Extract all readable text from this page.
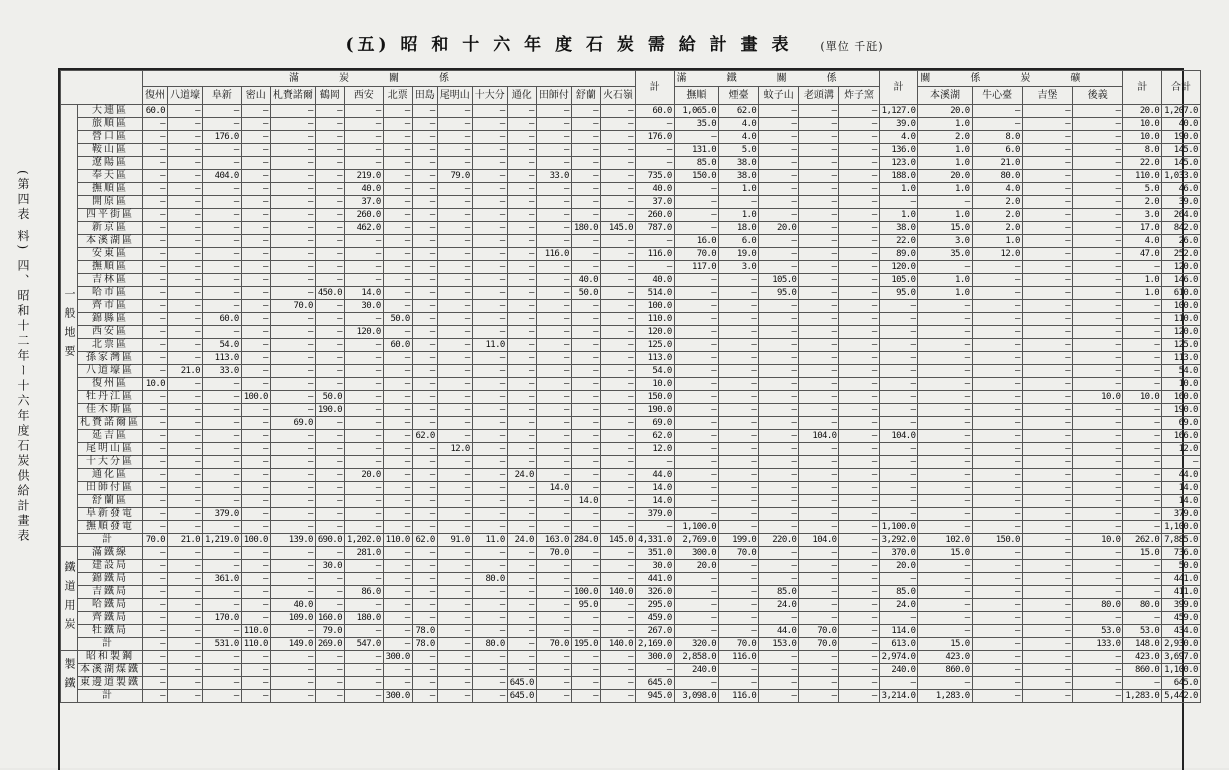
(五) 昭 和 十 六 年 度 石 炭 需 給 計 畫 表	(單位 千瓩)
(第四表 料) 四、昭和十二年ー十六年度石炭供給計畫表
		滿炭關係															計	滿鐵關係					計	關係炭礦				計	合計
		復州	八道壕	阜新	密山	札賚諾爾	鶴岡	西安	北票	田島	尾明山	十大分	通化	田師付	舒蘭	火石嶺		撫順	煙臺	蚊子山	老頭溝	炸子窯		本溪湖	牛心臺	吉堡	後義		
一般地要	大連區	60.0	—	—	—	—	—	—	—	—	—	—	—	—	—	—	60.0	1,065.0	62.0	—	—	—	1,127.0	20.0	—	—	—	20.0	1,207.0
	旅順區	—	—	—	—	—	—	—	—	—	—	—	—	—	—	—	—	35.0	4.0	—	—	—	39.0	1.0	—	—	—	10.0	40.0
	營口區	—	—	176.0	—	—	—	—	—	—	—	—	—	—	—	—	176.0	—	4.0	—	—	—	4.0	2.0	8.0	—	—	10.0	190.0
	鞍山區	—	—	—	—	—	—	—	—	—	—	—	—	—	—	—	—	131.0	5.0	—	—	—	136.0	1.0	6.0	—	—	8.0	145.0
	遼陽區	—	—	—	—	—	—	—	—	—	—	—	—	—	—	—	—	85.0	38.0	—	—	—	123.0	1.0	21.0	—	—	22.0	145.0
	奉天區	—	—	404.0	—	—	—	219.0	—	—	79.0	—	—	33.0	—	—	735.0	150.0	38.0	—	—	—	188.0	20.0	80.0	—	—	110.0	1,033.0
	撫順區	—	—	—	—	—	—	40.0	—	—	—	—	—	—	—	—	40.0	—	1.0	—	—	—	1.0	1.0	4.0	—	—	5.0	46.0
	開原區	—	—	—	—	—	—	37.0	—	—	—	—	—	—	—	—	37.0	—	—	—	—	—	—	—	2.0	—	—	2.0	39.0
	四平街區	—	—	—	—	—	—	260.0	—	—	—	—	—	—	—	—	260.0	—	1.0	—	—	—	1.0	1.0	2.0	—	—	3.0	264.0
	新京區	—	—	—	—	—	—	462.0	—	—	—	—	—	—	180.0	145.0	787.0	—	18.0	20.0	—	—	38.0	15.0	2.0	—	—	17.0	842.0
	本溪湖區	—	—	—	—	—	—	—	—	—	—	—	—	—	—	—	—	16.0	6.0	—	—	—	22.0	3.0	1.0	—	—	4.0	26.0
	安東區	—	—	—	—	—	—	—	—	—	—	—	—	116.0	—	—	116.0	70.0	19.0	—	—	—	89.0	35.0	12.0	—	—	47.0	252.0
	撫順區	—	—	—	—	—	—	—	—	—	—	—	—	—	—	—	—	117.0	3.0	—	—	—	120.0	—	—	—	—	—	120.0
	吉林區	—	—	—	—	—	—	—	—	—	—	—	—	—	40.0	—	40.0	—	—	105.0	—	—	105.0	1.0	—	—	—	1.0	146.0
	哈市區	—	—	—	—	—	450.0	14.0	—	—	—	—	—	—	50.0	—	514.0	—	—	95.0	—	—	95.0	1.0	—	—	—	1.0	610.0
	齊市區	—	—	—	—	70.0	—	30.0	—	—	—	—	—	—	—	—	100.0	—	—	—	—	—	—	—	—	—	—	—	100.0
	錦縣區	—	—	60.0	—	—	—	—	50.0	—	—	—	—	—	—	—	110.0	—	—	—	—	—	—	—	—	—	—	—	110.0
	西安區	—	—	—	—	—	—	120.0	—	—	—	—	—	—	—	—	120.0	—	—	—	—	—	—	—	—	—	—	—	120.0
	北票區	—	—	54.0	—	—	—	—	60.0	—	—	11.0	—	—	—	—	125.0	—	—	—	—	—	—	—	—	—	—	—	125.0
	孫家灣區	—	—	113.0	—	—	—	—	—	—	—	—	—	—	—	—	113.0	—	—	—	—	—	—	—	—	—	—	—	113.0
	八道壕區	—	21.0	33.0	—	—	—	—	—	—	—	—	—	—	—	—	54.0	—	—	—	—	—	—	—	—	—	—	—	54.0
	復州區	10.0	—	—	—	—	—	—	—	—	—	—	—	—	—	—	10.0	—	—	—	—	—	—	—	—	—	—	—	10.0
	牡丹江區	—	—	—	100.0	—	50.0	—	—	—	—	—	—	—	—	—	150.0	—	—	—	—	—	—	—	—	—	10.0	10.0	160.0
	佳木斯區	—	—	—	—	—	190.0	—	—	—	—	—	—	—	—	—	190.0	—	—	—	—	—	—	—	—	—	—	—	190.0
	札賚諾爾區	—	—	—	—	69.0	—	—	—	—	—	—	—	—	—	—	69.0	—	—	—	—	—	—	—	—	—	—	—	69.0
	延吉區	—	—	—	—	—	—	—	—	62.0	—	—	—	—	—	—	62.0	—	—	—	104.0	—	104.0	—	—	—	—	—	166.0
	尾明山區	—	—	—	—	—	—	—	—	—	12.0	—	—	—	—	—	12.0	—	—	—	—	—	—	—	—	—	—	—	12.0
	十大分區	—	—	—	—	—	—	—	—	—	—	—	—	—	—	—	—	—	—	—	—	—	—	—	—	—	—	—	—
	通化區	—	—	—	—	—	—	20.0	—	—	—	—	24.0	—	—	—	44.0	—	—	—	—	—	—	—	—	—	—	—	44.0
	田師付區	—	—	—	—	—	—	—	—	—	—	—	—	14.0	—	—	14.0	—	—	—	—	—	—	—	—	—	—	—	14.0
	舒蘭區	—	—	—	—	—	—	—	—	—	—	—	—	—	14.0	—	14.0	—	—	—	—	—	—	—	—	—	—	—	14.0
	阜新發電	—	—	379.0	—	—	—	—	—	—	—	—	—	—	—	—	379.0	—	—	—	—	—	—	—	—	—	—	—	379.0
	撫順發電	—	—	—	—	—	—	—	—	—	—	—	—	—	—	—	—	1,100.0	—	—	—	—	1,100.0	—	—	—	—	—	1,100.0
	計	70.0	21.0	1,219.0	100.0	139.0	690.0	1,202.0	110.0	62.0	91.0	11.0	24.0	163.0	284.0	145.0	4,331.0	2,769.0	199.0	220.0	104.0	—	3,292.0	102.0	150.0	—	10.0	262.0	7,885.0
鐵道用炭	滿鐵線	—	—	—	—	—	—	281.0	—	—	—	—	—	70.0	—	—	351.0	300.0	70.0	—	—	—	370.0	15.0	—	—	—	15.0	736.0
	建設局	—	—	—	—	—	30.0	—	—	—	—	—	—	—	—	—	30.0	20.0	—	—	—	—	20.0	—	—	—	—	—	50.0
	錦鐵局	—	—	361.0	—	—	—	—	—	—	—	80.0	—	—	—	—	441.0	—	—	—	—	—	—	—	—	—	—	—	441.0
	吉鐵局	—	—	—	—	—	—	86.0	—	—	—	—	—	—	100.0	140.0	326.0	—	—	85.0	—	—	85.0	—	—	—	—	—	411.0
	哈鐵局	—	—	—	—	40.0	—	—	—	—	—	—	—	—	95.0	—	295.0	—	—	24.0	—	—	24.0	—	—	—	80.0	80.0	399.0
	齊鐵局	—	—	170.0	—	109.0	160.0	180.0	—	—	—	—	—	—	—	—	459.0	—	—	—	—	—	—	—	—	—	—	—	459.0
	牡鐵局	—	—	—	110.0	—	79.0	—	—	78.0	—	—	—	—	—	—	267.0	—	—	44.0	70.0	—	114.0	—	—	—	53.0	53.0	434.0
	計	—	—	531.0	110.0	149.0	269.0	547.0	—	78.0	—	80.0	—	70.0	195.0	140.0	2,169.0	320.0	70.0	153.0	70.0	—	613.0	15.0	—	—	133.0	148.0	2,930.0
製鐵	昭和製鋼	—	—	—	—	—	—	—	300.0	—	—	—	—	—	—	—	300.0	2,858.0	116.0	—	—	—	2,974.0	423.0	—	—	—	423.0	3,697.0
	本溪湖煤鐵	—	—	—	—	—	—	—	—	—	—	—	—	—	—	—	—	240.0	—	—	—	—	240.0	860.0	—	—	—	860.0	1,100.0
	東邊道製鐵	—	—	—	—	—	—	—	—	—	—	—	645.0	—	—	—	645.0	—	—	—	—	—	—	—	—	—	—	—	645.0
	計	—	—	—	—	—	—	—	300.0	—	—	—	645.0	—	—	—	945.0	3,098.0	116.0	—	—	—	3,214.0	1,283.0	—	—	—	1,283.0	5,442.0
